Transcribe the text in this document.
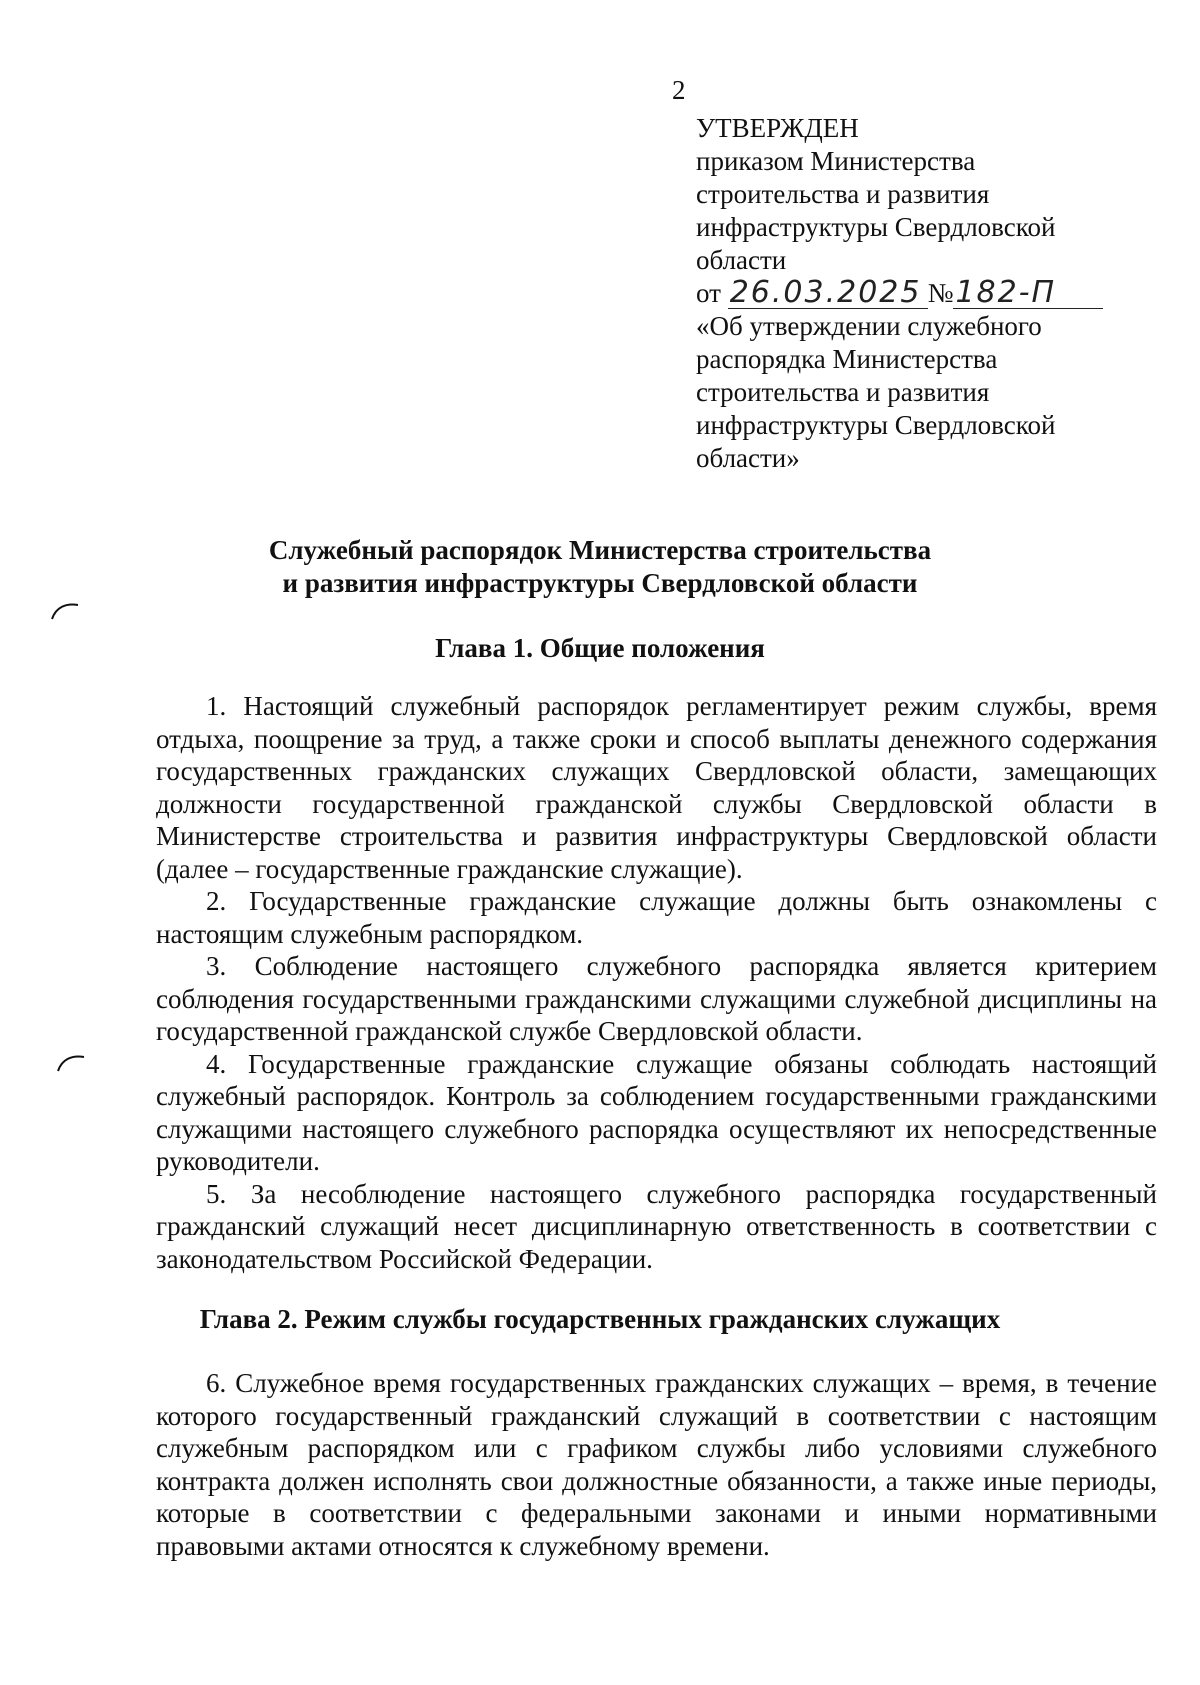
2
УТВЕРЖДЕН
приказом Министерства
строительства и развития
инфраструктуры Свердловской
области
от 26.03.2025 №182-П
«Об утверждении служебного
распорядка Министерства
строительства и развития
инфраструктуры Свердловской
области»
Служебный распорядок Министерства строительства
и развития инфраструктуры Свердловской области
Глава 1. Общие положения

1. Настоящий служебный распорядок регламентирует режим службы, время отдыха, поощрение за труд, а также сроки и способ выплаты денежного содержания государственных гражданских служащих Свердловской области, замещающих должности государственной гражданской службы Свердловской области в Министерстве строительства и развития инфраструктуры Свердловской области (далее – государственные гражданские служащие).

2. Государственные гражданские служащие должны быть ознакомлены с настоящим служебным распорядком.

3. Соблюдение настоящего служебного распорядка является критерием соблюдения государственными гражданскими служащими служебной дисциплины на государственной гражданской службе Свердловской области.

4. Государственные гражданские служащие обязаны соблюдать настоящий служебный распорядок. Контроль за соблюдением государственными гражданскими служащими настоящего служебного распорядка осуществляют их непосредственные руководители.

5. За несоблюдение настоящего служебного распорядка государственный гражданский служащий несет дисциплинарную ответственность в соответствии с законодательством Российской Федерации.

Глава 2. Режим службы государственных гражданских служащих

6. Служебное время государственных гражданских служащих – время, в течение которого государственный гражданский служащий в соответствии с настоящим служебным распорядком или с графиком службы либо условиями служебного контракта должен исполнять свои должностные обязанности, а также иные периоды, которые в соответствии с федеральными законами и иными нормативными правовыми актами относятся к служебному времени.
